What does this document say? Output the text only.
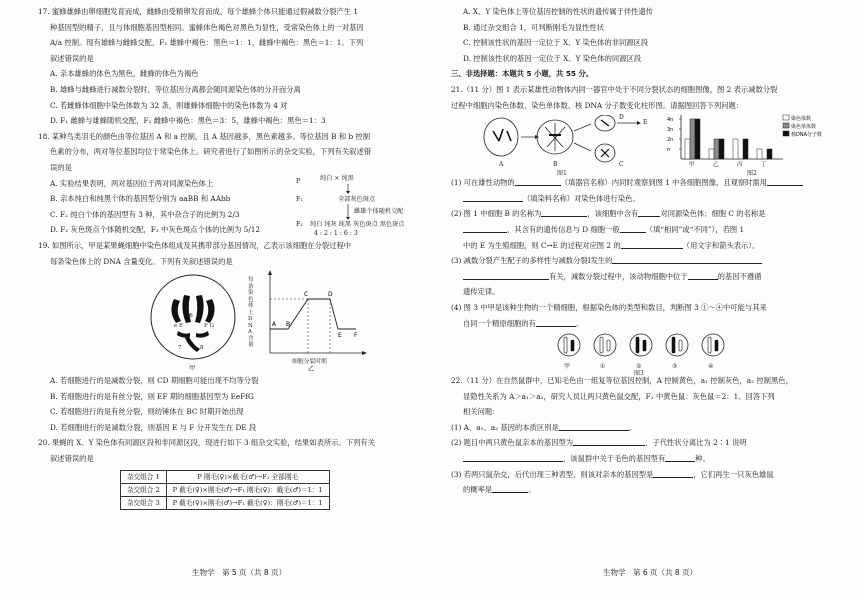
17. 蜜蜂雄蜂由卵细胞发育而成，雌蜂由受精卵发育而成。每个雄蜂个体只能通过假减数分裂产生 1
种基因型的精子，且与体细胞基因型相同。蜜蜂体色褐色对黑色为显性，受常染色体上的一对基因
A/a 控制。现有雄蜂与雌蜂交配，F₁ 雄蜂中褐色：黑色＝1：1，雌蜂中褐色：黑色＝1：1。下列
叙述错误的是
A. 亲本雄蜂的体色为黑色，雌蜂的体色为褐色
B. 雄蜂与雌蜂进行减数分裂时，等位基因分离都会随同源染色体的分开而分离
C. 若雌蜂体细胞中染色体数为 32 条，则雄蜂体细胞中的染色体数为 4 对
D. F₁ 雌蜂与雄蜂随机交配，F₂ 雌蜂中褐色：黑色＝3：5，雄蜂中褐色：黑色＝1：3
18. 某种鸟类羽毛的颜色由等位基因 A 和 a 控制，且 A 基因越多，黑色素越多。等位基因 B 和 b 控制
色素的分布，两对等位基因均位于常染色体上。研究者进行了如图所示的杂交实验，下列有关叙述错
误的是
A. 实验结果表明，两对基因位于两对同源染色体上
B. 亲本纯白和纯黑个体的基因型分别为 aaBB 和 AAbb
C. F₂ 纯白个体的基因型有 3 种，其中杂合子的比例为 2/3
D. F₂ 灰色斑点个体随机交配，F₃ 中灰色斑点个体的比例为 5/12
P	纯白 × 纯黑
F₁	全部灰色斑点
雌雄个体随机交配
F₂ 纯白 纯灰 纯黑 灰色斑点 黑色斑点
4 : 2 : 1 : 6 : 3
19. 如图所示，甲是某果蝇细胞中染色体组成及其携带部分基因情况，乙表示该细胞在分裂过程中
每条染色体上的 DNA 含量变化。下列有关叙述错误的是
5 6
e E	F G
7	8
甲
A B
C	D
E F
每条染色体上DNA含量
细胞分裂时期
乙
A. 若细胞进行的是减数分裂，则 CD 期细胞可能出现不均等分裂
B. 若细胞进行的是有丝分裂，则 EF 期的细胞基因型为 EeFfG
C. 若细胞进行的是有丝分裂，则纺锤体在 BC 时期开始出现
D. 若细胞进行的是减数分裂，则基因 E 与 F 分开发生在 DE 段
20. 果蝇的 X、Y 染色体有同源区段和非同源区段，现进行如下 3 组杂交实验，结果如表所示。下列有关
叙述错误的是
杂交组合 1	P 刚毛(♀)×截毛(♂)→F₁ 全部刚毛
杂交组合 2	P 截毛(♀)×刚毛(♂)→F₁ 刚毛(♀)：截毛(♂)＝1：1
杂交组合 3	P 截毛(♀)×刚毛(♂)→F₁ 截毛(♀)：刚毛(♂)＝1：1
生物学　第 5 页（共 8 页）
A. X、Y 染色体上等位基因控制的性状的遗传属于伴性遗传
B. 通过杂交组合 1，可判断刚毛为显性性状
C. 控制该性状的基因一定位于 X、Y 染色体的非同源区段
D. 控制该性状的基因一定位于 X、Y 染色体的同源区段
三、非选择题：本题共 5 小题，共 55 分。
21.（11 分）图 1 表示某雄性动物体内同一器官中处于不同分裂状态的细胞图像，图 2 表示减数分裂
过程中细胞内染色体数、染色单体数、核 DNA 分子数变化柱形图。请据图回答下列问题：
A	B	C
D
E
图1
4n
3n
2n
n
甲	乙	丙	丁
染色体数
染色单体数
核DNA分子数
图2
(1) 可在雄性动物的	（填器官名称）内同时观察到图 1 中各细胞图像，且观察时需用
（填染料名称）对染色体进行染色。
(2) 图 1 中细胞 B 的名称为	，该细胞中含有	对同源染色体；细胞 C 的名称是
，其含有的遗传信息与 D 细胞一般	（填“相同”或“不同”），若图 1
中的 E 为生殖细胞，则 C→E 的过程对应图 2 的	（用文字和箭头表示）。
(3) 减数分裂产生配子的多样性与减数分裂Ⅰ发生的
有关，减数分裂过程中，该动物细胞中位于	的基因不遵循
遗传定律。
(4) 图 3 中甲是该种生物的一个精细胞，根据染色体的类型和数目，判断图 3 ①～④中可能与其来
自同一个精原细胞的有	。
甲	①	②	③	④
图3
22.（11 分）在自然鼠群中，已知毛色由一组复等位基因控制，A 控制黄色，a₁ 控制灰色，a₂ 控制黑色，
显隐性关系为 A＞a₁＞a₂，研究人员让两只黄色鼠交配，F₁ 中黄色鼠：灰色鼠＝2：1。回答下列
相关问题：
(1) A、a₁、a₂ 基因的本质区别是	。
(2) 题目中两只黄色鼠亲本的基因型为	，子代性状分离比为 2∶1 说明
，该鼠群中关于毛色的基因型有	种。
(3) 若两只鼠杂交，后代出现三种表型，则该对亲本的基因型是	，它们再生一只灰色雄鼠
的概率是	。
生物学　第 6 页（共 8 页）
